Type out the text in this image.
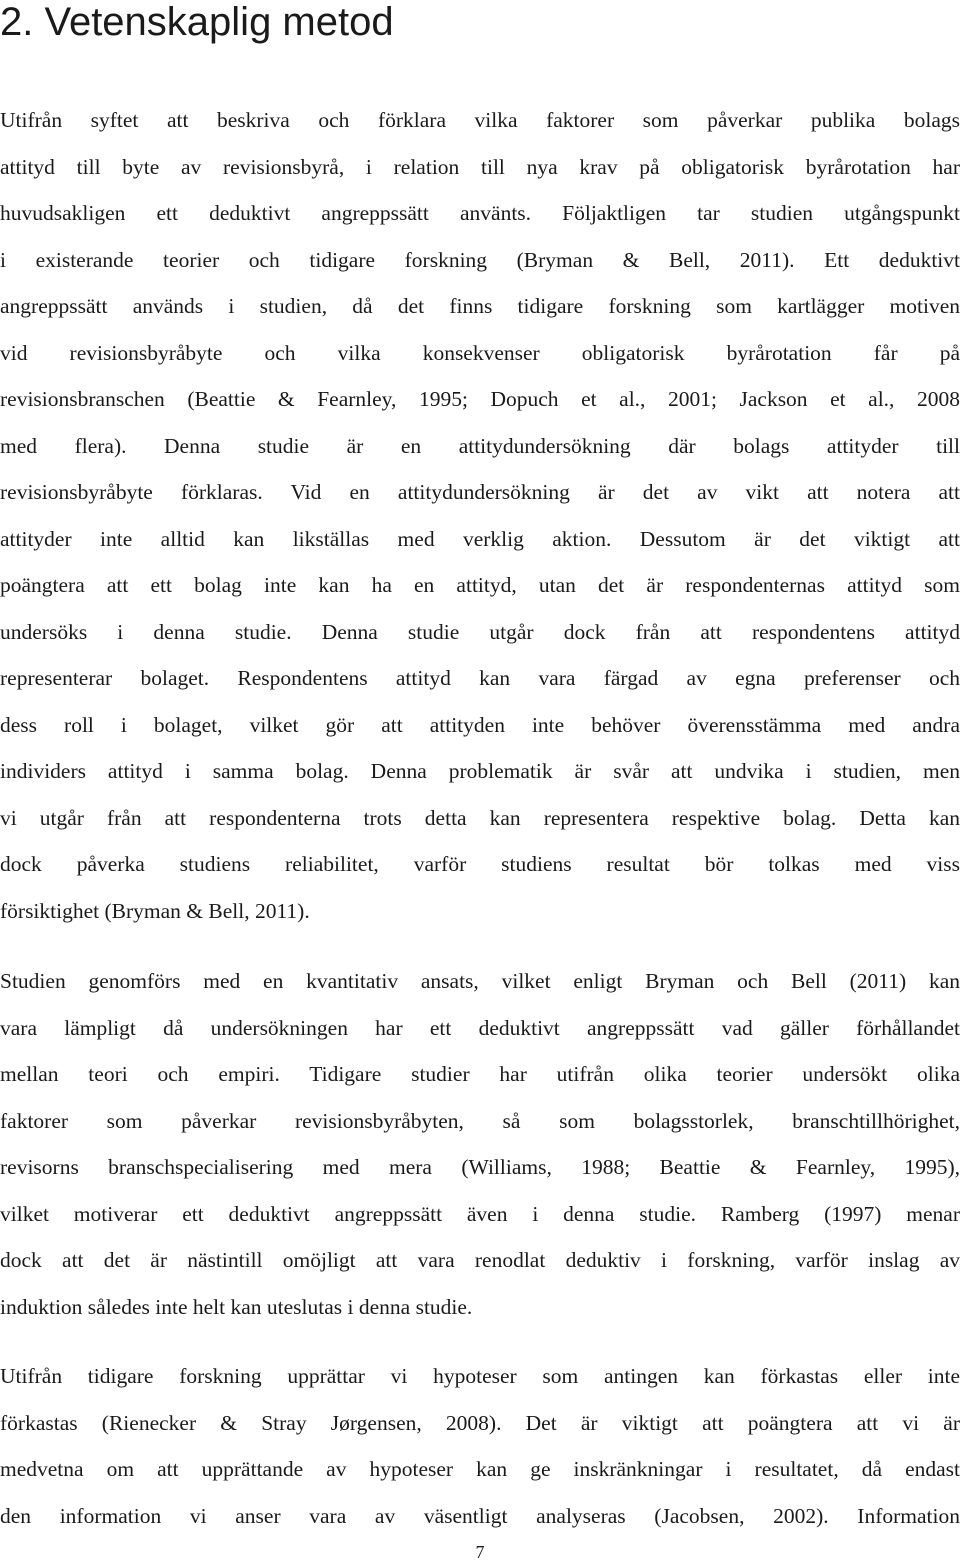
2. Vetenskaplig metod
Utifrån syftet att beskriva och förklara vilka faktorer som påverkar publika bolags
attityd till byte av revisionsbyrå, i relation till nya krav på obligatorisk byrårotation har
huvudsakligen ett deduktivt angreppssätt använts. Följaktligen tar studien utgångspunkt
i existerande teorier och tidigare forskning (Bryman & Bell, 2011). Ett deduktivt
angreppssätt används i studien, då det finns tidigare forskning som kartlägger motiven
vid revisionsbyråbyte och vilka konsekvenser obligatorisk byrårotation får på
revisionsbranschen (Beattie & Fearnley, 1995; Dopuch et al., 2001; Jackson et al., 2008
med flera). Denna studie är en attitydundersökning där bolags attityder till
revisionsbyråbyte förklaras. Vid en attitydundersökning är det av vikt att notera att
attityder inte alltid kan likställas med verklig aktion. Dessutom är det viktigt att
poängtera att ett bolag inte kan ha en attityd, utan det är respondenternas attityd som
undersöks i denna studie. Denna studie utgår dock från att respondentens attityd
representerar bolaget. Respondentens attityd kan vara färgad av egna preferenser och
dess roll i bolaget, vilket gör att attityden inte behöver överensstämma med andra
individers attityd i samma bolag. Denna problematik är svår att undvika i studien, men
vi utgår från att respondenterna trots detta kan representera respektive bolag. Detta kan
dock påverka studiens reliabilitet, varför studiens resultat bör tolkas med viss
försiktighet (Bryman & Bell, 2011).
Studien genomförs med en kvantitativ ansats, vilket enligt Bryman och Bell (2011) kan
vara lämpligt då undersökningen har ett deduktivt angreppssätt vad gäller förhållandet
mellan teori och empiri. Tidigare studier har utifrån olika teorier undersökt olika
faktorer som påverkar revisionsbyråbyten, så som bolagsstorlek, branschtillhörighet,
revisorns branschspecialisering med mera (Williams, 1988; Beattie & Fearnley, 1995),
vilket motiverar ett deduktivt angreppssätt även i denna studie. Ramberg (1997) menar
dock att det är nästintill omöjligt att vara renodlat deduktiv i forskning, varför inslag av
induktion således inte helt kan uteslutas i denna studie.
Utifrån tidigare forskning upprättar vi hypoteser som antingen kan förkastas eller inte
förkastas (Rienecker & Stray Jørgensen, 2008). Det är viktigt att poängtera att vi är
medvetna om att upprättande av hypoteser kan ge inskränkningar i resultatet, då endast
den information vi anser vara av väsentligt analyseras (Jacobsen, 2002). Information
7
